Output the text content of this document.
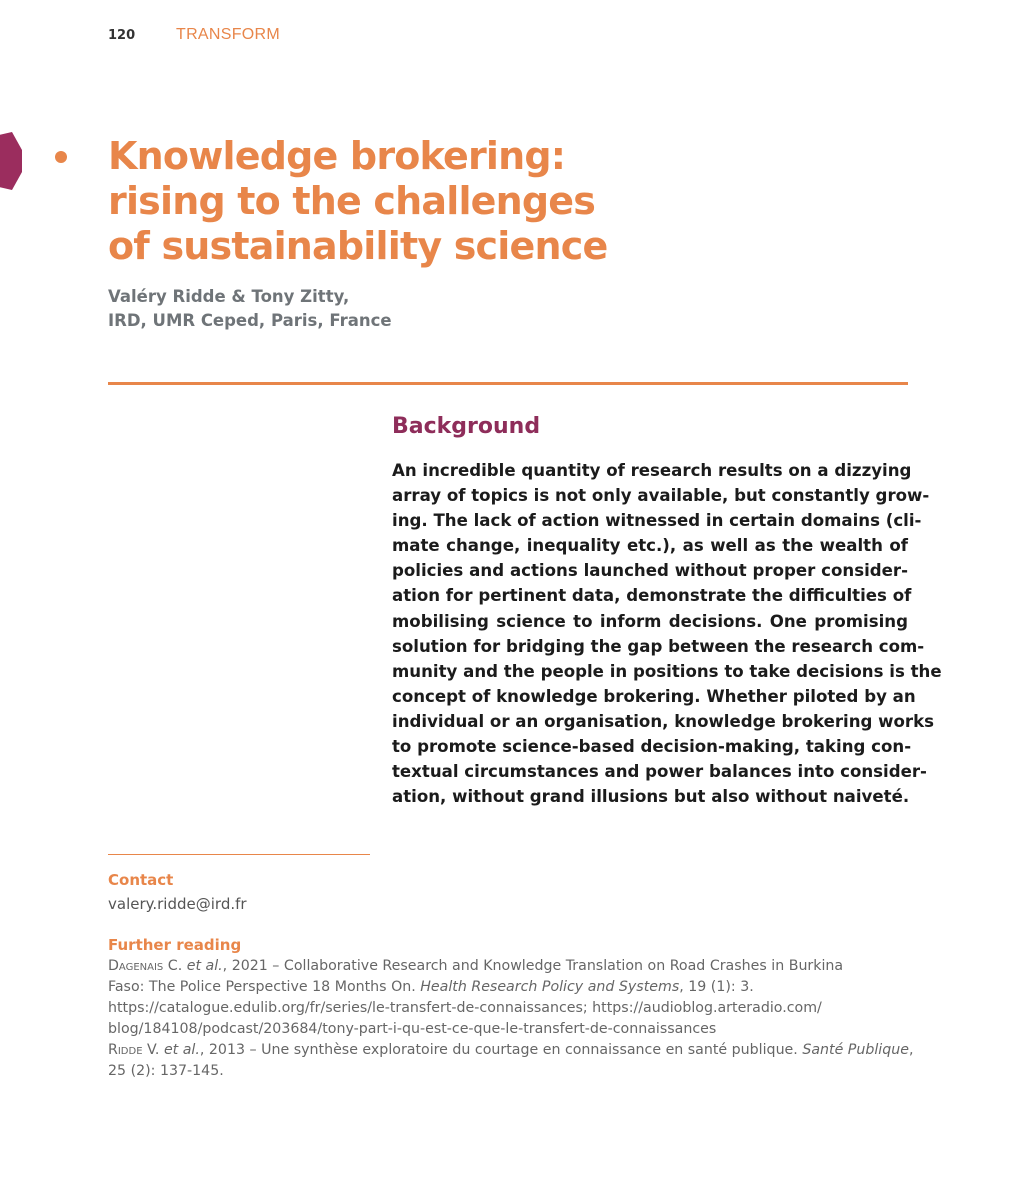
120	TRANSFORM
Knowledge brokering:
rising to the challenges
of sustainability science
Valéry Ridde & Tony Zitty,
IRD, UMR Ceped, Paris, France
Background
An incredible quantity of research results on a dizzying
array of topics is not only available, but constantly grow-
ing. The lack of action witnessed in certain domains (cli-
mate change, inequality etc.), as well as the wealth of
policies and actions launched without proper consider-
ation for pertinent data, demonstrate the difficulties of
mobilising science to inform decisions. One promising
solution for bridging the gap between the research com-
munity and the people in positions to take decisions is the
concept of knowledge brokering. Whether piloted by an
individual or an organisation, knowledge brokering works
to promote science-based decision-making, taking con-
textual circumstances and power balances into consider-
ation, without grand illusions but also without naiveté.
Contact
valery.ridde@ird.fr
Further reading
Dagenais C. et al., 2021 – Collaborative Research and Knowledge Translation on Road Crashes in Burkina
Faso: The Police Perspective 18 Months On. Health Research Policy and Systems, 19 (1): 3.
https://catalogue.edulib.org/fr/series/le-transfert-de-connaissances; https://audioblog.arteradio.com/
blog/184108/podcast/203684/tony-part-i-qu-est-ce-que-le-transfert-de-connaissances
Ridde V. et al., 2013 – Une synthèse exploratoire du courtage en connaissance en santé publique. Santé Publique,
25 (2): 137-145.
